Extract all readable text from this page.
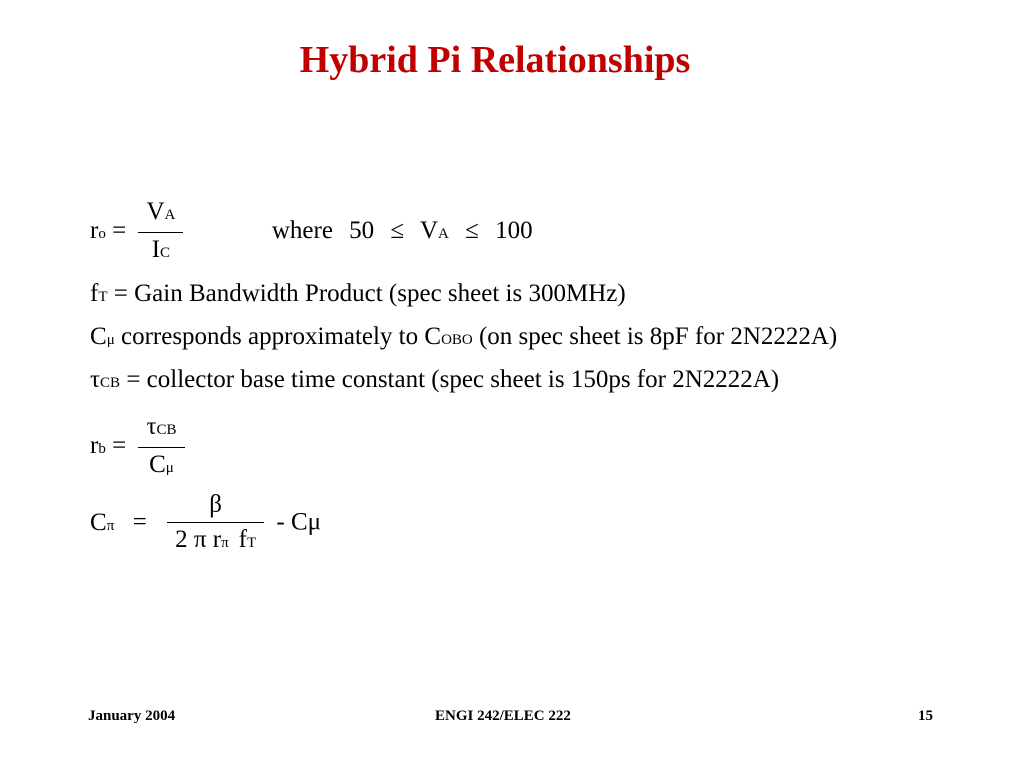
Hybrid Pi Relationships
ro = $\frac{VA}{IC}$	where 50 ≤ VA ≤ 100
fT = Gain Bandwidth Product (spec sheet is 300MHz)
Cμ corresponds approximately to COBO (on spec sheet is 8pF for 2N2222A)
τCB = collector base time constant (spec sheet is 150ps for 2N2222A)
rb = $\frac{\text{τCB}}{C\mu}$
$C\pi = \frac{\beta}{\text{2 π rπ fT}} - C\mu$
January 2004	ENGI 242/ELEC 222	15
